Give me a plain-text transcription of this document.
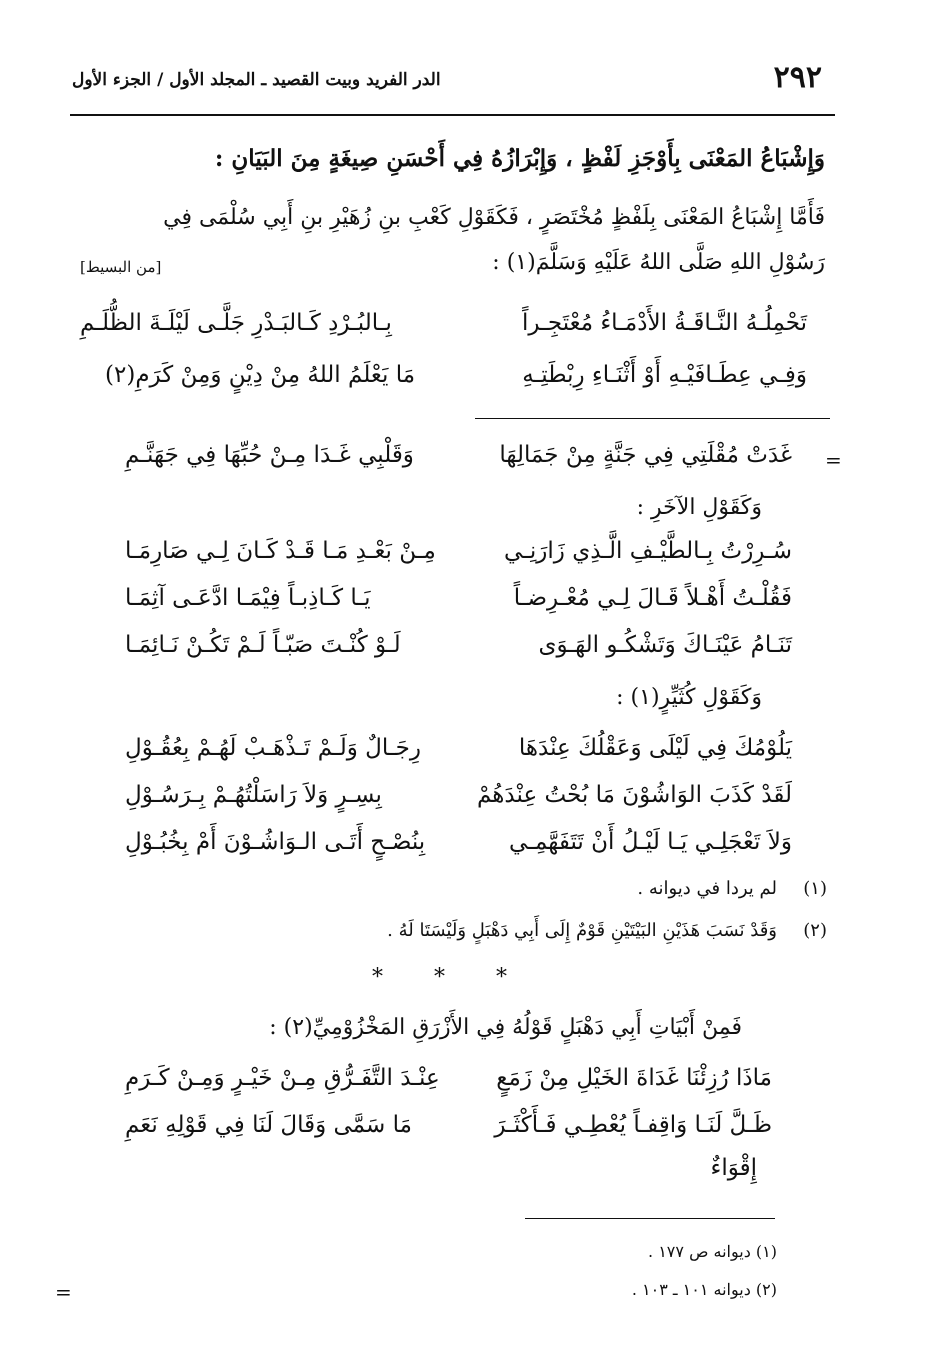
٢٩٢
الدر الفريد وبيت القصيد ـ المجلد الأول / الجزء الأول
وَإِشْبَاعُ المَعْنَى بِأَوْجَزِ لَفْظٍ ، وَإِبْرَازُهُ فِي أَحْسَنِ صِيغَةٍ مِنَ البَيَانِ :
فَأَمَّا إِشْبَاعُ المَعْنَى بِلَفْظٍ مُخْتَصَرٍ ، فَكَقَوْلِ كَعْبِ بنِ زُهَيْرِ بنِ أَبِي سُلْمَى فِي
رَسُوْلِ اللهِ صَلَّى اللهُ عَلَيْهِ وَسَلَّمَ(١) :
[من البسيط]
تَحْمِلُـهُ النَّـاقَـةُ الأَدْمَـاءُ مُعْتَجِـراً
بِـالبُـرْدِ كَـالبَـدْرِ جَلَّـى لَيْلَـةَ الظُّلَـمِ
وَفِـي عِطَـافَيْـهِ أَوْ أَثْنَـاءِ رِبْطَتِـهِ
مَا يَعْلَمُ اللهُ مِنْ دِيْنٍ وَمِنْ كَرَمِ(٢)
=
غَدَتْ مُقْلَتِي فِي جَنَّةٍ مِنْ جَمَالِهَا
وَقَلْبِي غَـدَا مِـنْ حُبِّهَا فِي جَهَنَّـمِ
وَكَقَوْلِ الآخَرِ :
سُـرِرْتُ بِـالطَّيْـفِ الَّـذِي زَارَنِـي
مِـنْ بَعْـدِ مَـا قَـدْ كَـانَ لِـي صَارِمَـا
فَقُلْـتُ أَهْـلاً قَـالَ لِـي مُعْـرِضـاً
يَـا كَـاذِبـاً فِيْمَـا ادَّعَـى آثِمَـا
تَنَـامُ عَيْنَـاكَ وَتَشْكُـو الهَـوَى
لَـوْ كُنْـتَ صَبّـاً لَـمْ تَكُـنْ نَـائِمَـا
وَكَقَوْلِ كُثَيِّرٍ(١) :
يَلُوْمُكَ فِي لَيْلَى وَعَقْلُكَ عِنْدَهَا
رِجَـالٌ وَلَـمْ تَـذْهَـبْ لَهُـمْ بِعُقُـوْلِ
لَقَدْ كَذَبَ الوَاشُوْنَ مَا بُحْتُ عِنْدَهُمْ
بِسِـرٍ وَلاَ رَاسَلْتُهُـمْ بِـرَسُـوْلِ
وَلاَ تَعْجَلِـي يَـا لَيْـلُ أَنْ تَتَفَهَّمِـي
بِنُصْـحٍ أَتَـى الـوَاشُـوْنَ أَمْ بِخُبُـوْلِ
(١)
لم يردا في ديوانه .
(٢)
وَقَدْ نَسَبَ هَذَيْنِ البَيْتَيْنِ قَوْمٌ إِلَى أَبِي دَهْبَلٍ وَلَيْسَتَا لَهُ .
* * *
فَمِنْ أَبْيَاتِ أَبِي دَهْبَلٍ قَوْلُهُ فِي الأَزْرَقِ المَخْزُوْمِيِّ(٢) :
مَاذَا رُزِئْنَا غَدَاةَ الخَيْلِ مِنْ زَمَعٍ
عِنْـدَ التَّفَـرُّقِ مِـنْ خَيْـرٍ وَمِـنْ كَـرَمِ
ظَـلَّ لَنَـا وَاقِفـاً يُعْطِـي فَـأَكْثَـرَ
مَا سَمَّى وَقَالَ لَنَا فِي قَوْلِهِ نَعَمِ
إِقْوَاءٌ
(١) ديوانه ص ١٧٧ .
(٢) ديوانه ١٠١ ـ ١٠٣ .
=
